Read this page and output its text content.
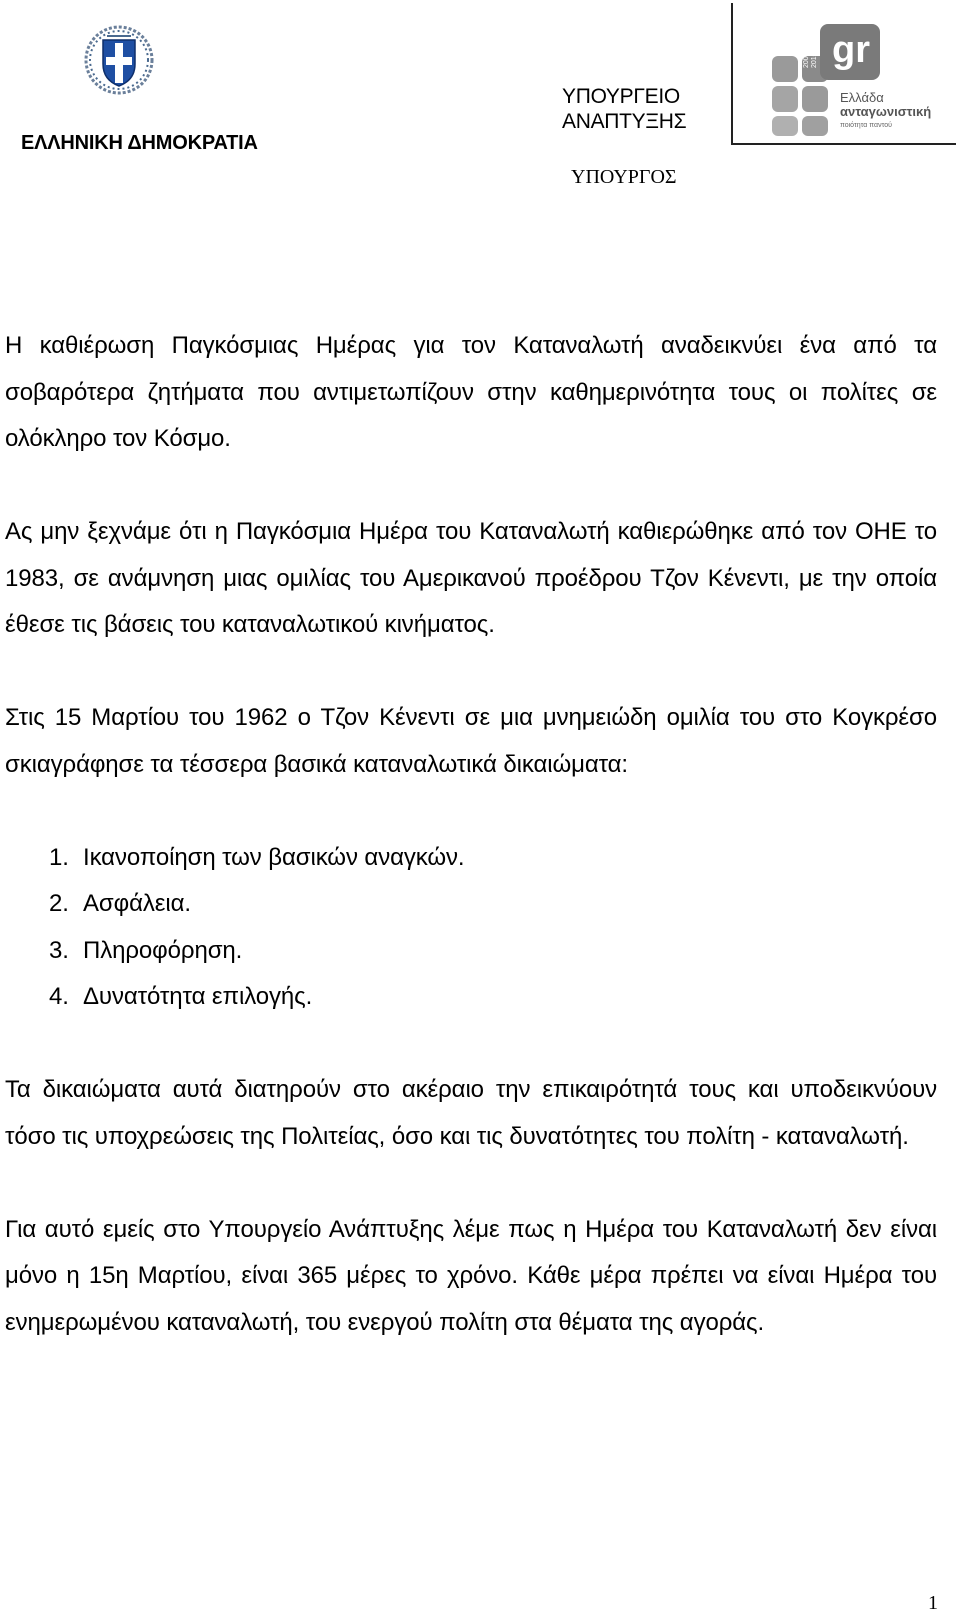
ΕΛΛΗΝΙΚΗ ΔΗΜΟΚΡΑΤΙΑ
ΥΠΟΥΡΓΕΙΟ
ΑΝΑΠΤΥΞΗΣ
ΥΠΟΥΡΓΟΣ
gr
2005 2010
Ελλάδα
ανταγωνιστική
ποιότητα παντού

Η καθιέρωση Παγκόσμιας Ημέρας για τον Καταναλωτή αναδεικνύει ένα από τα σοβαρότερα ζητήματα που αντιμετωπίζουν στην καθημερινότητα τους οι πολίτες σε ολόκληρο τον Κόσμο.

Ας μην ξεχνάμε ότι η Παγκόσμια Ημέρα του Καταναλωτή καθιερώθηκε από τον ΟΗΕ το 1983, σε ανάμνηση μιας ομιλίας του Αμερικανού προέδρου Τζον Κένεντι, με την οποία έθεσε τις βάσεις του καταναλωτικού κινήματος.

Στις 15 Μαρτίου του 1962 ο Τζον Κένεντι σε μια μνημειώδη ομιλία του στο Κογκρέσο σκιαγράφησε τα τέσσερα βασικά καταναλωτικά δικαιώματα:

1. Ικανοποίηση των βασικών αναγκών.
2. Ασφάλεια.
3. Πληροφόρηση.
4. Δυνατότητα επιλογής.

Τα δικαιώματα αυτά διατηρούν στο ακέραιο την επικαιρότητά τους και υποδεικνύουν τόσο τις υποχρεώσεις της Πολιτείας, όσο και τις δυνατότητες του πολίτη - καταναλωτή.

Για αυτό εμείς στο Υπουργείο Ανάπτυξης λέμε πως η Ημέρα του Καταναλωτή δεν είναι μόνο η 15η Μαρτίου, είναι 365 μέρες το χρόνο. Κάθε μέρα πρέπει να είναι Ημέρα του ενημερωμένου καταναλωτή, του ενεργού πολίτη στα θέματα της αγοράς.

1
